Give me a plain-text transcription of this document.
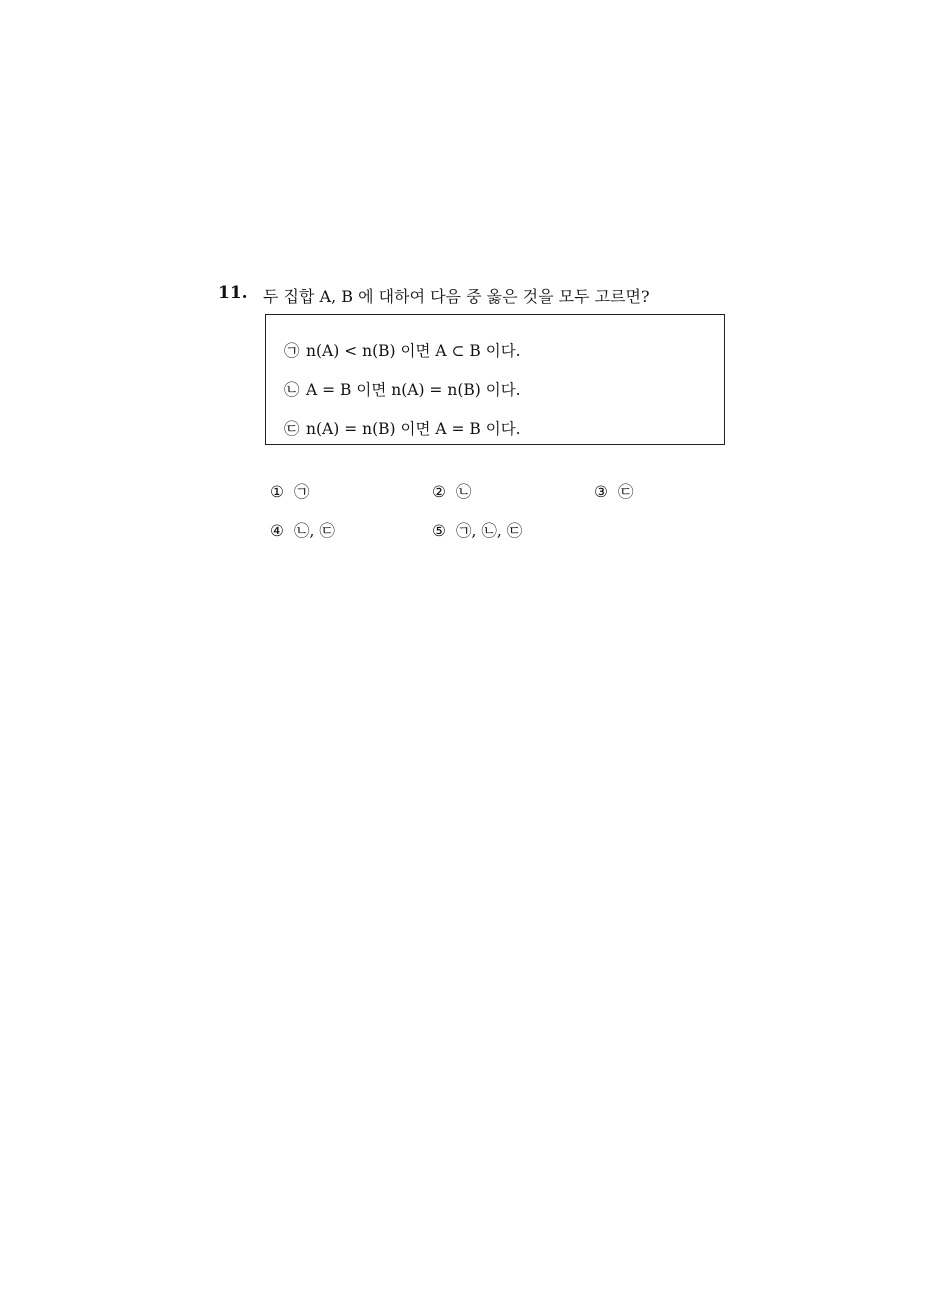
11. 두 집합 A, B 에 대하여 다음 중 옳은 것을 모두 고르면?
㉠ n(A) < n(B) 이면 A ⊂ B 이다.
㉡ A = B 이면 n(A) = n(B) 이다.
㉢ n(A) = n(B) 이면 A = B 이다.
① ㉠	② ㉡	③ ㉢
④ ㉡, ㉢	⑤ ㉠, ㉡, ㉢
